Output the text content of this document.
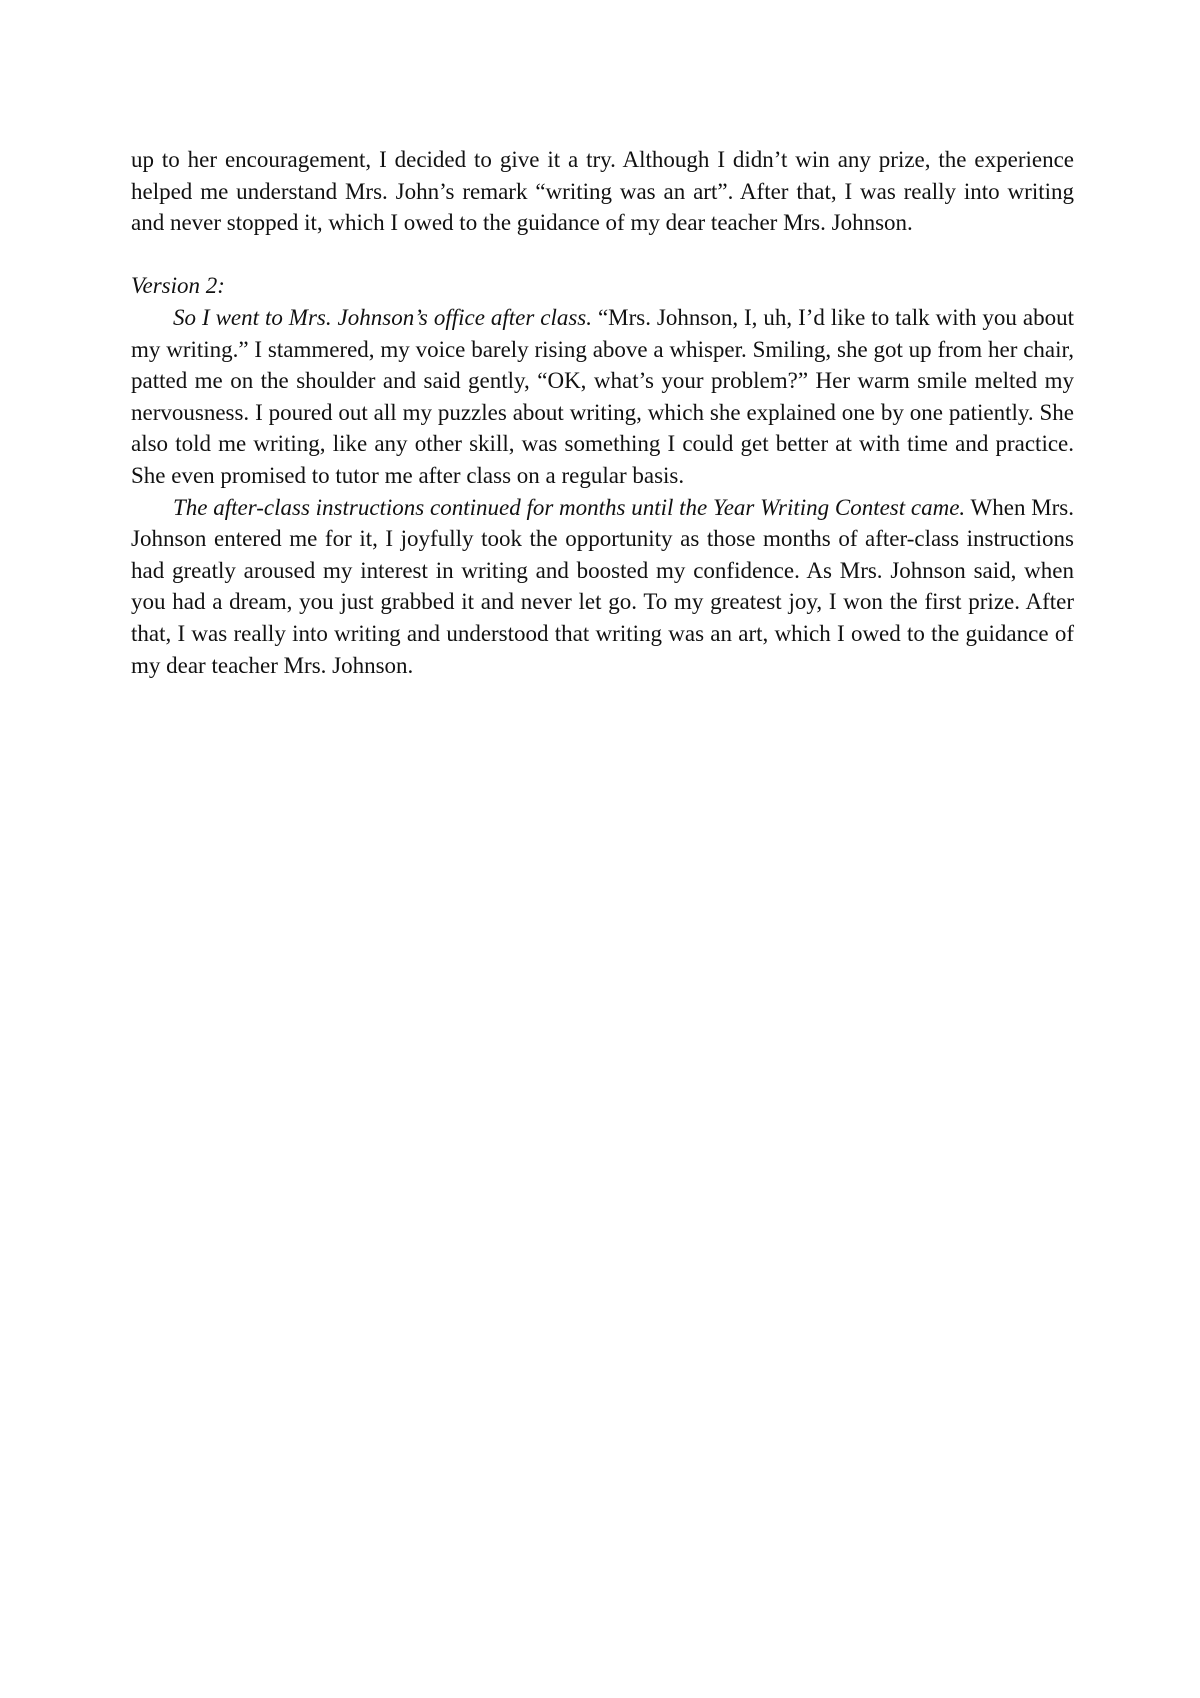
up to her encouragement, I decided to give it a try. Although I didn’t win any prize, the experience helped me understand Mrs. John’s remark “writing was an art”. After that, I was really into writing and never stopped it, which I owed to the guidance of my dear teacher Mrs. Johnson.

Version 2:

So I went to Mrs. Johnson’s office after class. “Mrs. Johnson, I, uh, I’d like to talk with you about my writing.” I stammered, my voice barely rising above a whisper. Smiling, she got up from her chair, patted me on the shoulder and said gently, “OK, what’s your problem?” Her warm smile melted my nervousness. I poured out all my puzzles about writing, which she explained one by one patiently. She also told me writing, like any other skill, was something I could get better at with time and practice. She even promised to tutor me after class on a regular basis.

The after-class instructions continued for months until the Year Writing Contest came. When Mrs. Johnson entered me for it, I joyfully took the opportunity as those months of after-class instructions had greatly aroused my interest in writing and boosted my confidence. As Mrs. Johnson said, when you had a dream, you just grabbed it and never let go. To my greatest joy, I won the first prize. After that, I was really into writing and understood that writing was an art, which I owed to the guidance of my dear teacher Mrs. Johnson.
